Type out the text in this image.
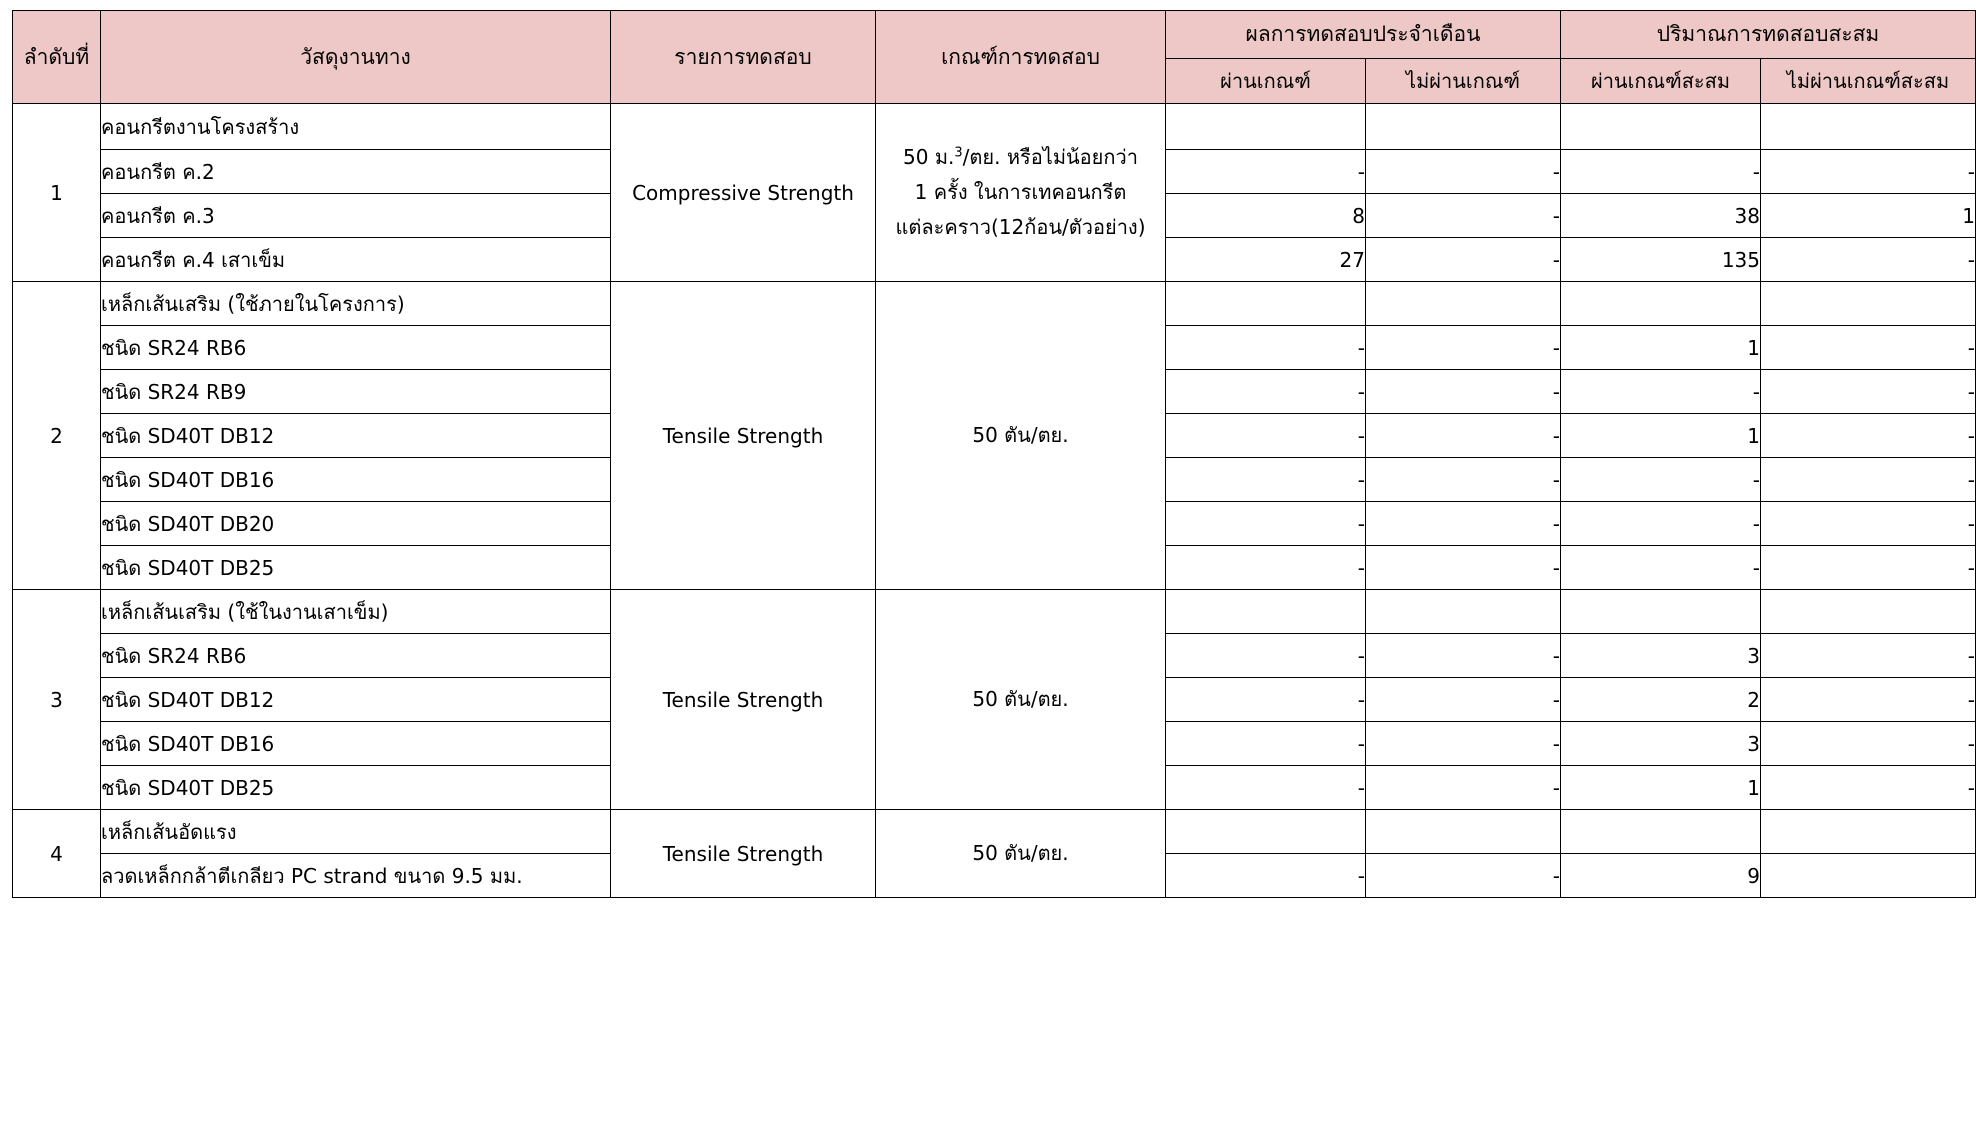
ลำดับที่	วัสดุงานทาง	รายการทดสอบ	เกณฑ์การทดสอบ	ผลการทดสอบประจำเดือน		ปริมาณการทดสอบสะสม	
				ผ่านเกณฑ์	ไม่ผ่านเกณฑ์	ผ่านเกณฑ์สะสม	ไม่ผ่านเกณฑ์สะสม
1	คอนกรีตงานโครงสร้าง	Compressive Strength	50 ม.$^3$/ตย. หรือไม่น้อยกว่า
1 ครั้ง ในการเทคอนกรีต
แต่ละคราว(12ก้อน/ตัวอย่าง)				
	คอนกรีต ค.2			-	-	-	-
	คอนกรีต ค.3			8	-	38	1
	คอนกรีต ค.4 เสาเข็ม			27	-	135	-
2	เหล็กเส้นเสริม (ใช้ภายในโครงการ)	Tensile Strength	50 ตัน/ตย.				
	ชนิด SR24 RB6			-	-	1	-
	ชนิด SR24 RB9			-	-	-	-
	ชนิด SD40T DB12			-	-	1	-
	ชนิด SD40T DB16			-	-	-	-
	ชนิด SD40T DB20			-	-	-	-
	ชนิด SD40T DB25			-	-	-	-
3	เหล็กเส้นเสริม (ใช้ในงานเสาเข็ม)	Tensile Strength	50 ตัน/ตย.				
	ชนิด SR24 RB6			-	-	3	-
	ชนิด SD40T DB12			-	-	2	-
	ชนิด SD40T DB16			-	-	3	-
	ชนิด SD40T DB25			-	-	1	-
4	เหล็กเส้นอัดแรง	Tensile Strength	50 ตัน/ตย.				
	ลวดเหล็กกล้าตีเกลียว PC strand ขนาด 9.5 มม.			-	-	9	
